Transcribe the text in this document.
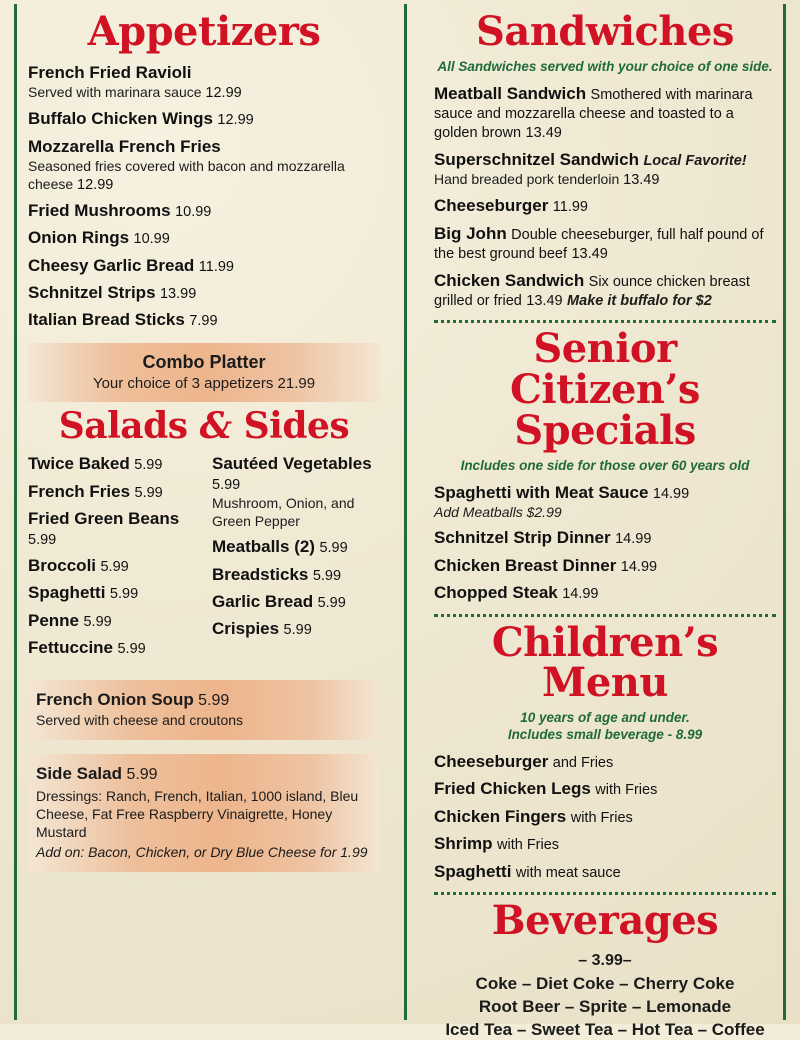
Appetizers
French Fried Ravioli
Served with marinara sauce 12.99
Buffalo Chicken Wings 12.99
Mozzarella French Fries
Seasoned fries covered with bacon and mozzarella cheese 12.99
Fried Mushrooms 10.99
Onion Rings 10.99
Cheesy Garlic Bread 11.99
Schnitzel Strips 13.99
Italian Bread Sticks 7.99
Combo Platter
Your choice of 3 appetizers 21.99
Salads & Sides
Twice Baked 5.99
French Fries 5.99
Fried Green Beans 5.99
Broccoli 5.99
Spaghetti 5.99
Penne 5.99
Fettuccine 5.99
Sautéed Vegetables 5.99
Mushroom, Onion, and Green Pepper
Meatballs (2) 5.99
Breadsticks 5.99
Garlic Bread 5.99
Crispies 5.99
French Onion Soup 5.99
Served with cheese and croutons
Side Salad 5.99
Dressings: Ranch, French, Italian, 1000 island, Bleu Cheese, Fat Free Raspberry Vinaigrette, Honey Mustard
Add on: Bacon, Chicken, or Dry Blue Cheese for 1.99
Sandwiches
All Sandwiches served with your choice of one side.
Meatball Sandwich Smothered with marinara sauce and mozzarella cheese and toasted to a golden brown 13.49
Superschnitzel Sandwich Local Favorite!
Hand breaded pork tenderloin 13.49
Cheeseburger 11.99
Big John Double cheeseburger, full half pound of the best ground beef 13.49
Chicken Sandwich Six ounce chicken breast grilled or fried 13.49 Make it buffalo for $2
Senior Citizen’s
Specials
Includes one side for those over 60 years old
Spaghetti with Meat Sauce 14.99
Add Meatballs $2.99
Schnitzel Strip Dinner 14.99
Chicken Breast Dinner 14.99
Chopped Steak 14.99
Children’s
Menu
10 years of age and under.
Includes small beverage - 8.99
Cheeseburger and Fries
Fried Chicken Legs with Fries
Chicken Fingers with Fries
Shrimp with Fries
Spaghetti with meat sauce
Beverages
– 3.99–
Coke – Diet Coke – Cherry Coke
Root Beer – Sprite – Lemonade
Iced Tea – Sweet Tea – Hot Tea – Coffee
